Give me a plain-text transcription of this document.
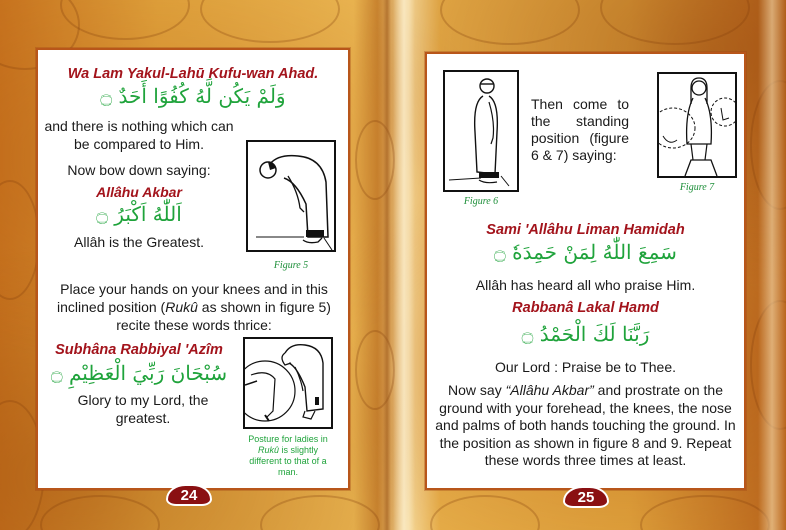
Wa Lam Yakul-Lahū Kufu-wan Ahad.
وَلَمْ يَكُن لَّهُ كُفُوًا أَحَدٌ ۝
and there is nothing which can be compared to Him.
Now bow down saying:
Allâhu Akbar
اَللّٰهُ اَكْبَرُ ۝
Allâh is the Greatest.
Figure 5
Place your hands on your knees and in this inclined position (Rukû as shown in figure 5) recite these words thrice:
Subhâna Rabbiyal 'Azîm
سُبْحَانَ رَبِّيَ الْعَظِيْمِ ۝
Glory to my Lord, the greatest.
Posture for ladies in Rukû is slightly different to that of a man.
24
Figure 6
Then come to the standing position (figure 6 & 7) saying:
Figure 7
Sami 'Allâhu Liman Hamidah
سَمِعَ اللّٰهُ لِمَنْ حَمِدَهٗ ۝
Allâh has heard all who praise Him.
Rabbanâ Lakal Hamd
رَبَّنَا لَكَ الْحَمْدُ ۝
Our Lord : Praise be to Thee.
Now say “Allâhu Akbar” and prostrate on the ground with your forehead, the knees, the nose and palms of both hands touching the ground. In the position as shown in figure 8 and 9. Repeat these words three times at least.
25
